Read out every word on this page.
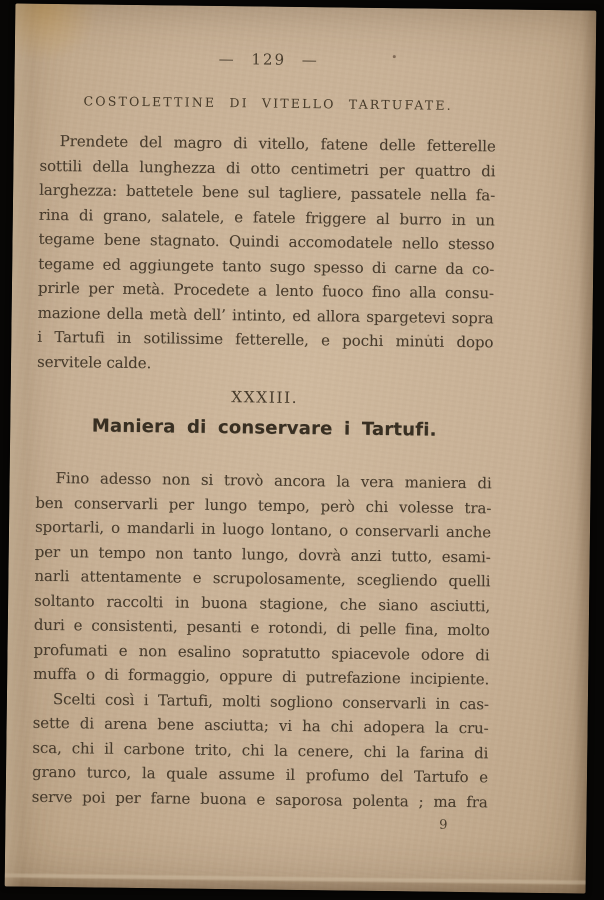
— 129 —
COSTOLETTINE DI VITELLO TARTUFATE.
Prendete del magro di vitello, fatene delle fetterelle
sottili della lunghezza di otto centimetri per quattro di
larghezza: battetele bene sul tagliere, passatele nella fa-
rina di grano, salatele, e fatele friggere al burro in un
tegame bene stagnato. Quindi accomodatele nello stesso
tegame ed aggiungete tanto sugo spesso di carne da co-
prirle per metà. Procedete a lento fuoco fino alla consu-
mazione della metà dell’ intinto, ed allora spargetevi sopra
i Tartufi in sotilissime fetterelle, e pochi minuti dopo
servitele calde.
XXXIII.
Maniera di conservare i Tartufi.
Fino adesso non si trovò ancora la vera maniera di
ben conservarli per lungo tempo, però chi volesse tra-
sportarli, o mandarli in luogo lontano, o conservarli anche
per un tempo non tanto lungo, dovrà anzi tutto, esami-
narli attentamente e scrupolosamente, scegliendo quelli
soltanto raccolti in buona stagione, che siano asciutti,
duri e consistenti, pesanti e rotondi, di pelle fina, molto
profumati e non esalino sopratutto spiacevole odore di
muffa o di formaggio, oppure di putrefazione incipiente.
Scelti così i Tartufi, molti sogliono conservarli in cas-
sette di arena bene asciutta; vi ha chi adopera la cru-
sca, chi il carbone trito, chi la cenere, chi la farina di
grano turco, la quale assume il profumo del Tartufo e
serve poi per farne buona e saporosa polenta ; ma fra
9
